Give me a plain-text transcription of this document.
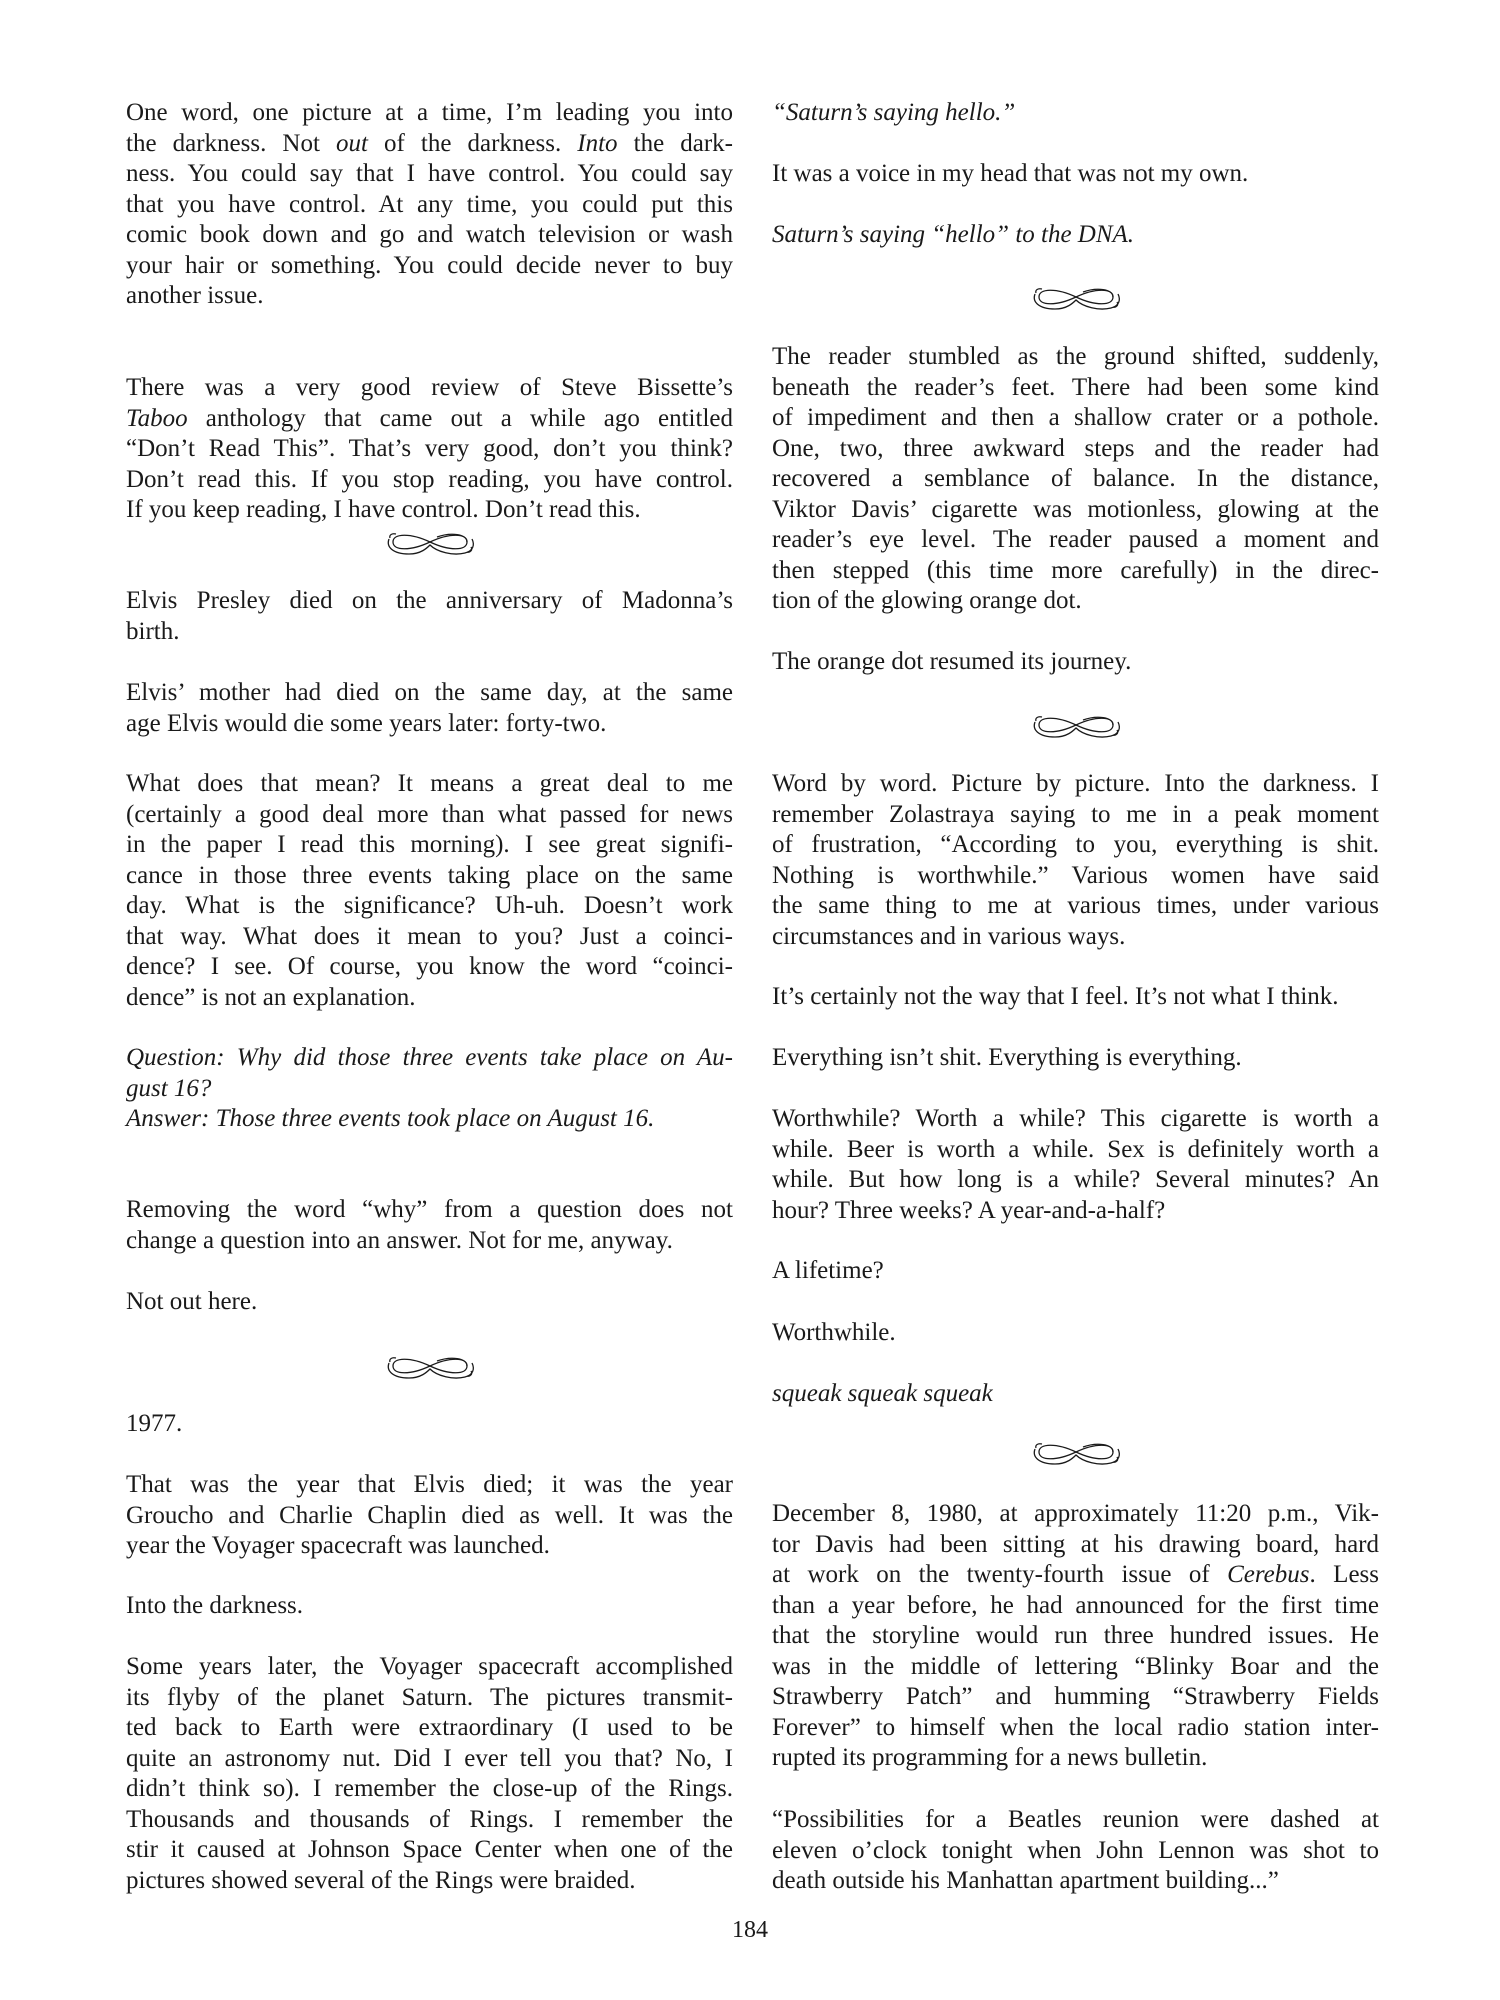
One word, one picture at a time, I’m leading you into
the darkness. Not out of the darkness. Into the dark-
ness. You could say that I have control. You could say
that you have control. At any time, you could put this
comic book down and go and watch television or wash
your hair or something. You could decide never to buy
another issue.
There was a very good review of Steve Bissette’s
Taboo anthology that came out a while ago entitled
“Don’t Read This”. That’s very good, don’t you think?
Don’t read this. If you stop reading, you have control.
If you keep reading, I have control. Don’t read this.
Elvis Presley died on the anniversary of Madonna’s
birth.
Elvis’ mother had died on the same day, at the same
age Elvis would die some years later: forty-two.
What does that mean? It means a great deal to me
(certainly a good deal more than what passed for news
in the paper I read this morning). I see great signifi-
cance in those three events taking place on the same
day. What is the significance? Uh-uh. Doesn’t work
that way. What does it mean to you? Just a coinci-
dence? I see. Of course, you know the word “coinci-
dence” is not an explanation.
Question: Why did those three events take place on Au-
gust 16?
Answer: Those three events took place on August 16.
Removing the word “why” from a question does not
change a question into an answer. Not for me, anyway.
Not out here.
1977.
That was the year that Elvis died; it was the year
Groucho and Charlie Chaplin died as well. It was the
year the Voyager spacecraft was launched.
Into the darkness.
Some years later, the Voyager spacecraft accomplished
its flyby of the planet Saturn. The pictures transmit-
ted back to Earth were extraordinary (I used to be
quite an astronomy nut. Did I ever tell you that? No, I
didn’t think so). I remember the close-up of the Rings.
Thousands and thousands of Rings. I remember the
stir it caused at Johnson Space Center when one of the
pictures showed several of the Rings were braided.
“Saturn’s saying hello.”
It was a voice in my head that was not my own.
Saturn’s saying “hello” to the DNA.
The reader stumbled as the ground shifted, suddenly,
beneath the reader’s feet. There had been some kind
of impediment and then a shallow crater or a pothole.
One, two, three awkward steps and the reader had
recovered a semblance of balance. In the distance,
Viktor Davis’ cigarette was motionless, glowing at the
reader’s eye level. The reader paused a moment and
then stepped (this time more carefully) in the direc-
tion of the glowing orange dot.
The orange dot resumed its journey.
Word by word. Picture by picture. Into the darkness. I
remember Zolastraya saying to me in a peak moment
of frustration, “According to you, everything is shit.
Nothing is worthwhile.” Various women have said
the same thing to me at various times, under various
circumstances and in various ways.
It’s certainly not the way that I feel. It’s not what I think.
Everything isn’t shit. Everything is everything.
Worthwhile? Worth a while? This cigarette is worth a
while. Beer is worth a while. Sex is definitely worth a
while. But how long is a while? Several minutes? An
hour? Three weeks? A year-and-a-half?
A lifetime?
Worthwhile.
squeak squeak squeak
December 8, 1980, at approximately 11:20 p.m., Vik-
tor Davis had been sitting at his drawing board, hard
at work on the twenty-fourth issue of Cerebus. Less
than a year before, he had announced for the first time
that the storyline would run three hundred issues. He
was in the middle of lettering “Blinky Boar and the
Strawberry Patch” and humming “Strawberry Fields
Forever” to himself when the local radio station inter-
rupted its programming for a news bulletin.
“Possibilities for a Beatles reunion were dashed at
eleven o’clock tonight when John Lennon was shot to
death outside his Manhattan apartment building...”
184
